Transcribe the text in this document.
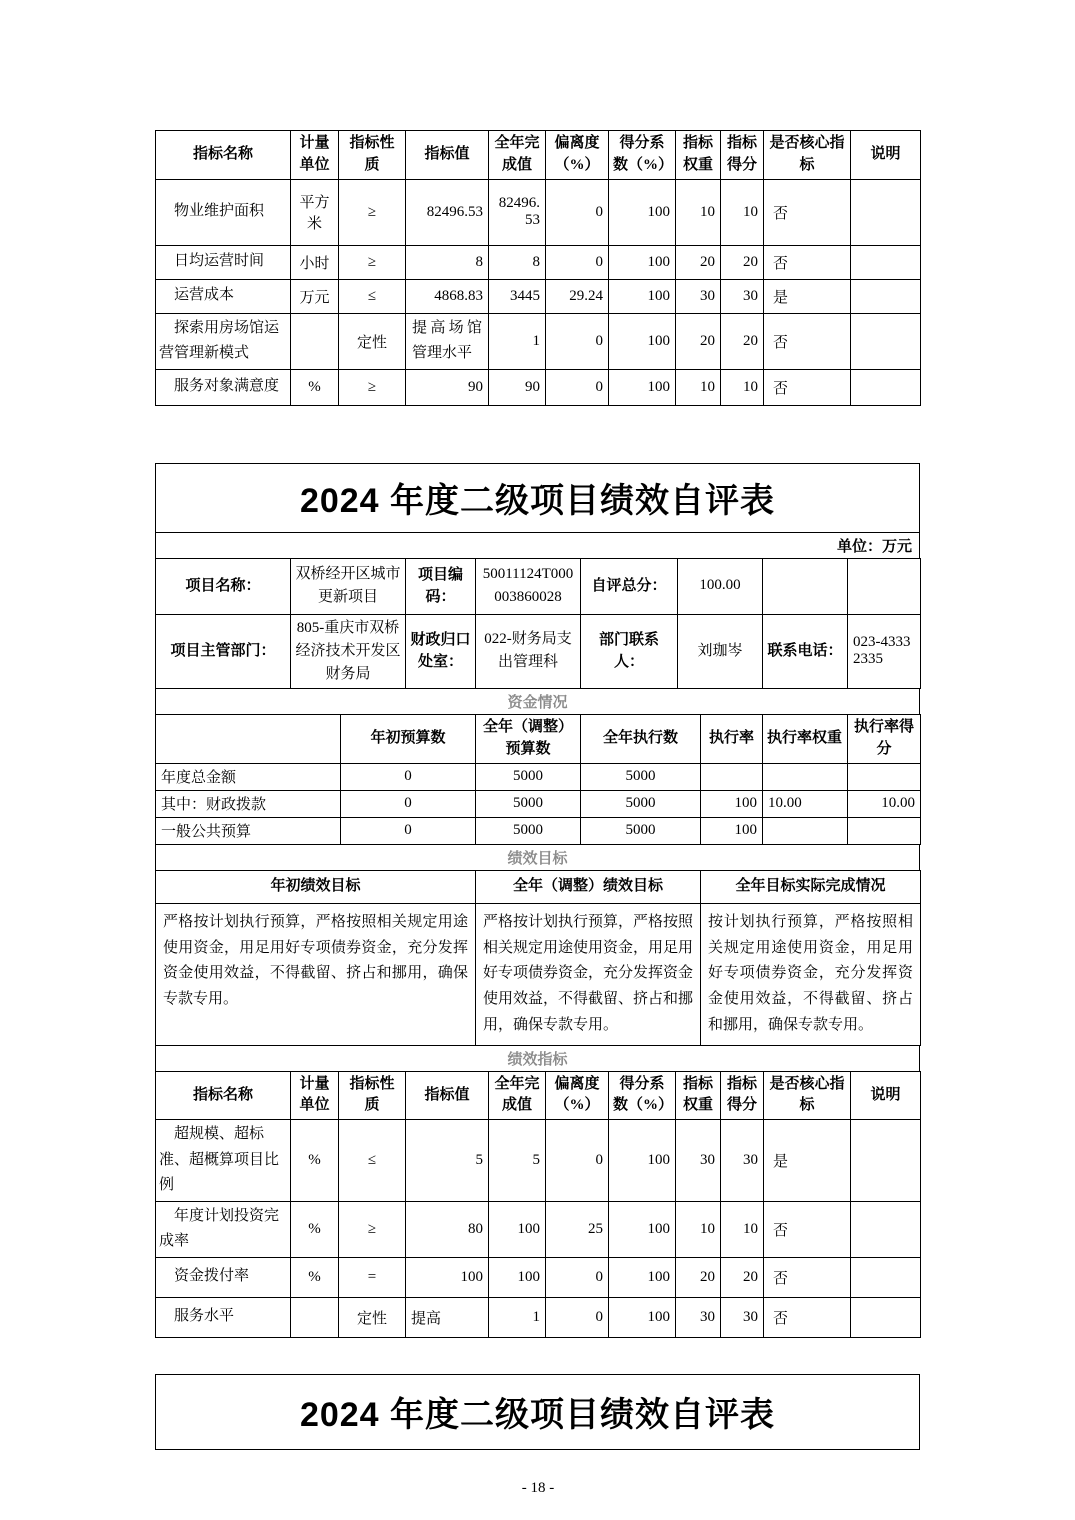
指标名称	计量单位	指标性质	指标值	全年完成值	偏离度（%）	得分系数（%）	指标权重	指标得分	是否核心指标	说明
物业维护面积	平方米	≥	82496.53	82496.53	0	100	10	10	否	
日均运营时间	小时	≥	8	8	0	100	20	20	否	
运营成本	万元	≤	4868.83	3445	29.24	100	30	30	是	
探索用房场馆运营管理新模式		定性	提高场馆管理水平	1	0	100	20	20	否	
服务对象满意度	%	≥	90	90	0	100	10	10	否	
2024 年度二级项目绩效自评表
单位：万元
项目名称：	双桥经开区城市更新项目	项目编码：	50011124T000003860028	自评总分：	100.00		
项目主管部门：	805-重庆市双桥经济技术开发区财务局	财政归口处室：	022-财务局支出管理科	部门联系人：	刘珈岑	联系电话：	023-43332335
资金情况
	年初预算数	全年（调整）预算数	全年执行数	执行率	执行率权重	执行率得分
年度总金额	0	5000	5000			
其中：财政拨款	0	5000	5000	100	10.00	10.00
一般公共预算	0	5000	5000	100		
绩效目标
年初绩效目标	全年（调整）绩效目标	全年目标实际完成情况
严格按计划执行预算，严格按照相关规定用途使用资金，用足用好专项债券资金，充分发挥资金使用效益，不得截留、挤占和挪用，确保专款专用。	严格按计划执行预算，严格按照相关规定用途使用资金，用足用好专项债券资金，充分发挥资金使用效益，不得截留、挤占和挪用，确保专款专用。	按计划执行预算，严格按照相关规定用途使用资金，用足用好专项债券资金，充分发挥资金使用效益，不得截留、挤占和挪用，确保专款专用。
绩效指标
指标名称	计量单位	指标性质	指标值	全年完成值	偏离度（%）	得分系数（%）	指标权重	指标得分	是否核心指标	说明
超规模、超标准、超概算项目比例	%	≤	5	5	0	100	30	30	是	
年度计划投资完成率	%	≥	80	100	25	100	10	10	否	
资金拨付率	%	=	100	100	0	100	20	20	否	
服务水平		定性	提高	1	0	100	30	30	否	
2024 年度二级项目绩效自评表
- 18 -
